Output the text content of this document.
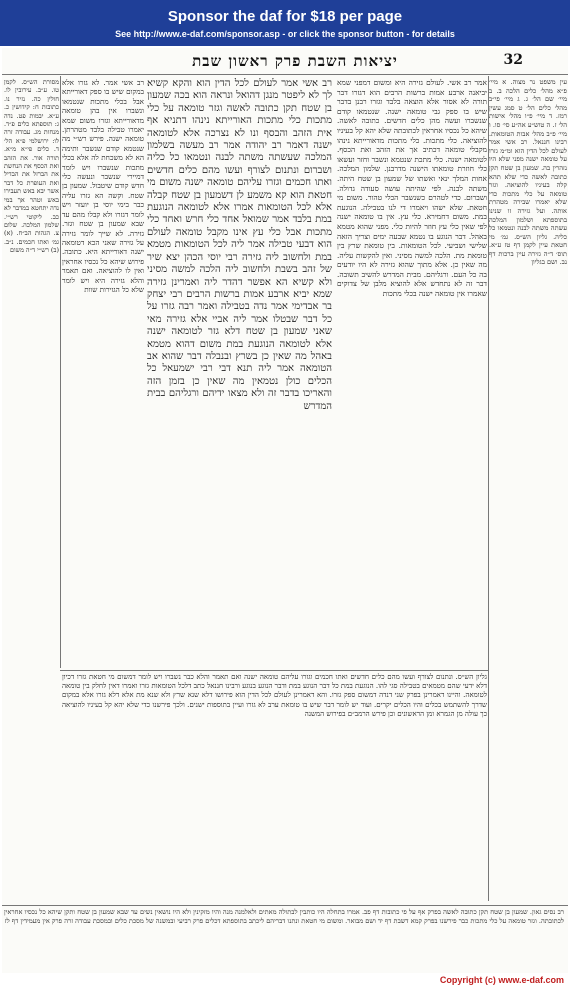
Sponsor the daf for $18 per page
See http://www.e-daf.com/sponsor.asp - or click the sponsor button - for details
32
יציאות השבת פרק ראשון שבת

עין משפט נר מצוה. א מיי׳ פ״א מהל׳ כלים הלכה ב. ב מיי׳ שם הל׳ ג. ג מיי׳ פי״ב מהל׳ כלים הל׳ ט סמג עשין רמז. ד מיי׳ פ״ו מהל׳ אישות הל׳ ז. ה טוש״ע אה״ע סי׳ סו. ו מיי׳ פ״ב מהל׳ אבות הטומאות. רבינו חננאל. רב אשי אמר לעולם לכל הדין הוא ומ״מ גזרו על טומאה ישנה מפני שלא היו נזהרין בה. שמעון בן שטח תקן כתובה לאשה כדי שלא תהא קלה בעיניו להוציאה. וגזר טומאה על כלי מתכות כדי שלא יאמרו שבירה מטהרת אותה. ועל גזירה זו שנינו בתוספתא ושלמון המלכה עשתה משתה לבנה ונטמאו כל כליה. גליון הש״ס. גמ׳ מי חטאת עיין לקמן דף טז ע״א. תוס׳ ד״ה גזירה עיין ברכות דף נב. ושם בגליון

אמר רב אשי. לעולם גזירה היא ומשום דמפני שמא יביאנה ארבע אמות ברשות הרבים הוא דגזרו דבר תורה לא אסור אלא הוצאה בלבד וגזרו רבנן בדבר שיש בו ספק גבי טומאה ישנה. שנטמאו קודם שנשברו ועשה מהן כלים חדשים. כתובה לאשה. שיהא כל נכסיו אחראין לכתובתה שלא יהא קל בעיניו להוציאה. כלי מתכות. כלי מתכות מדאורייתא נינהו מקבלי טומאה דכתיב אך את הזהב ואת הכסף. לטומאה ישנה. כלי מתכת שנטמא ונשבר וחזר ועשאו כלי חוזרת טומאתו הישנה מדרבנן. שלמון המלכה. אחות המלך ינאי ואשתו של שמעון בן שטח היתה. משתה לבנה. לפי שהיתה עושה סעודה גדולה. ושברום. כדי לטהרם כשנשבר הכלי טהור. משום מי חטאת. שלא ישהו ויאמרו די לנו בטבילה. הנוגעת במת. משום דחמירא. כלי עץ. אין בו טומאה ישנה לפי שאין כלי עץ חוזר להיות כלי. מפני שהוא מטמא באהל. דבר הנוגע בו נטמא שבעה ימים וצריך הזאה שלישי ושביעי. לכל הטומאות. בין טומאת שרץ בין טומאת מת. הלכה למשה מסיני. ואין להקשות עליה. מה שאין כן. אלא מתוך שהוא גזירה לא היו יודעים בה כל העם. ורגליהם. מבית המדרש להשיב תשובה. דבר זה לא נתחדש אלא להוציא מלבן של צדוקים שאמרו אין טומאה ישנה בכלי מתכות

רב אשי אמר לעולם לכל הדין הוא והקא קשיא לך לא ליפטר מנגן דהואל ונראה הוא בכה שמעון בן שטח תקן כתובה לאשה וגזר טומאה על כלי מתכות כלי מתכות האורייתא נינהו דתניא אף אית הזהב והבסף ונו לא נצרכה אלא לטומאה ישנה דאמר רב יהודה אמר רב מעשה בשלמון המלכה שעשתה משתה לבנה ונטמאו כל כליה ושברום ונתנום לצורף ועשו מהם כלים חדשים ואתו חכמים וגזרו עליהם טומאה ישנה משום מי חטאת הוא קא משמע לן דשמעון בן שטח קבלה אלא לכל הטומאות אמרו אלא לטומאה הנוגעת במת בלבד אמר שמואל אחד כלי חרש ואחד כלי מתכות אבל כלי עץ אינו מקבל טומאה לעולם הוא דבעי טבילה אמר ליה לכל הטומאות מטמא במת ולחשוב ליה גזירה רבי יוסי הכהן יצא שיר של זהב בשבת ולחשוב ליה הלכה למשה מסיני ולא קשיא הא אפשר דהדר ליה ואמרינן גזירה שמא יביא ארבע אמות ברשות הרבים רבי יצחק בר אבדימי אמר נדה בטבילה ואמר רבה גזרו על כל דבר שבטלו אמר ליה אביי אלא גזירה מאי שאני שמעון בן שטח דלא גזר לטומאה ישנה אלא לטומאה הנוגעת במת משום דהוא מטמא באהל מה שאין כן בשרץ ובנבלה דבר שהוא אב הטומאה אמר ליה תנא דבי רבי ישמעאל כל הכלים כולן נטמאין מה שאין כן בזמן הזה והאריכו בדבר זה ולא מצאו ידיהם ורגליהם בבית המדרש

רב אשי אמר. לא גזרו אלא במקום שיש בו ספק דאורייתא אבל בכלי מתכות שנטמאו ונשברו אין בהן טומאה מדאורייתא וגזרו משום שמא יאמרו טבילה בלבד מטהרתן. טומאה ישנה. פירש רש״י מה שנטמא קודם שנשבר ותימה הא לא משכחת לה אלא בכלי מתכות שנשברו ויש לומר דמיירי שנשבר ונעשה כלי חדש קודם שיטבול. שמעון בן שטח. וקשה הא גזרו עליה כבר בימי יוסי בן יועזר ויש לומר דגזרו ולא קבלו מהם עד שבא שמעון בן שטח וגזר. גזירה. לא שייך לומר גזירה על גזירה שאני הכא דטומאה ישנה דאורייתא היא. כתובה. פירוש שיהא כל נכסיו אחראין ואין לו להוציאה. ואם תאמר והלא גזירה היא ויש לומר שלא כל הגזירות שוות

מסורת הש״ס. לקמן טו. ע״ב. עירובין לו. חולין כה. נזיר נו. כתובות ח: קידושין כ. ע״א. יבמות פט. נדה ג: תוספתא כלים פ״ד. מנחות מג. עבודה זרה לו: ירושלמי פ״א הל׳ ד. כלים פי״א מ״א. תורה אור. את הזהב ואת הכסף את הנחשת את הברזל את הבדיל ואת העופרת כל דבר אשר יבא באש תעבירו באש וטהר אך במי נדה יתחטא במדבר לא כב. ליקוטי רש״י. שלמון המלכה. שלום צ. הגהות הב״ח. (א) גמ׳ ואתו חכמים. נ״ב. (ב) רש״י ד״ה משום

גליון הש״ס. ונתנום לצורף ועשו מהם כלים חדשים ואתו חכמים וגזרו עליהם טומאה ישנה ואם תאמר והלא כבר נשברו ויש לומר דמשום מי חטאת גזרו דכיון דלא ידעי שהם מטמאים בטבילה סגי להו. הנוגעת במת כל דבר הנוגע במת ודבר הנוגע בנוגע ורבינו חננאל כתב דלכל הטומאות גזרו ואמרו דאין לחלק בין טומאה לטומאה. והיינו דאמרינן בפרק שני דנדה דמשום ספק גזרו. והא דאמרינן לעולם לכל הדין הוא פירושו דלא שנא שרץ ולא שנא מת אלא דלא גזרו אלא במקום שדרך להשתמש בכלים והיו הכלים יקרים. ועוד יש לומר דבר שיש בו טומאת ערב לא גזרו ועיין בתוספות ישנים. ולכך פירשנו כדי שלא יהא קל בעיניו להוציאה כך עולה מן הגמרא ומן הראשונים וכן פירש הרמב״ם בפירוש המשנה

רב נסים גאון. שמעון בן שטח תקן כתובה לאשה בפרק אף על פי כתובות דף פב. אמרו בתחלה היו כותבין לבתולה מאתים ולאלמנה מנה והיו מזקינין ולא היו נושאין נשים עד שבא שמעון בן שטח ותקן שיהא כל נכסיו אחראין לכתובתה. וגזר טומאה על כלי מתכות כבר פירשנו בפרק קמא דשבת דף יד ושם מבואר. ומשום מי חטאת ונתנו דבריהם ליכתב בתוספתא דכלים פרק רביעי ובמשנה של מסכת כלים ובמסכת עבודה זרה פרק אין מעמידין דף לז

Copyright (c) www.e-daf.com
